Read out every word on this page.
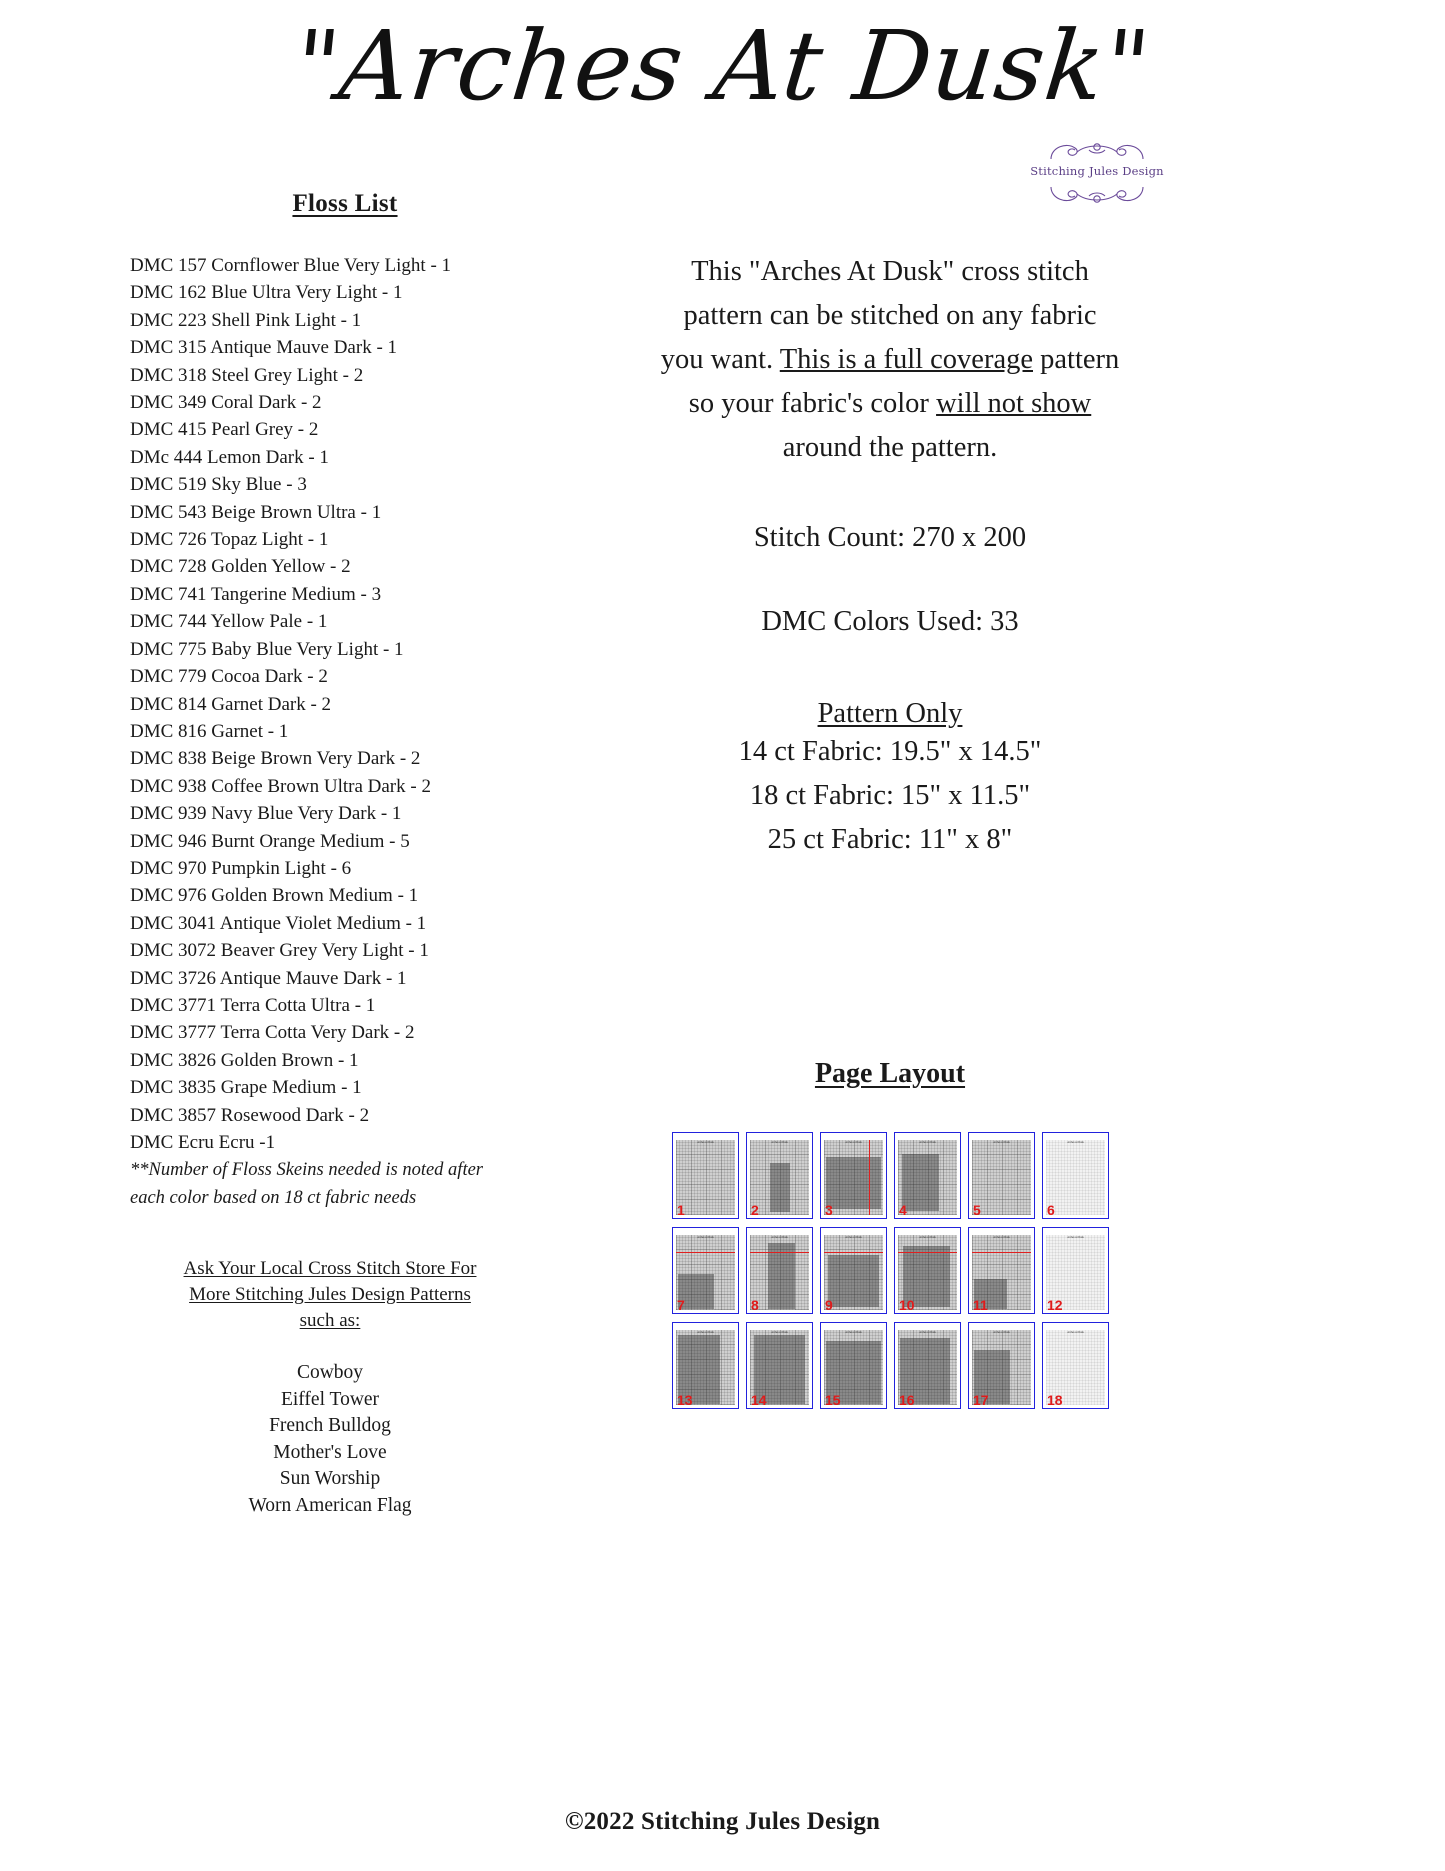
"Arches At Dusk"
Stitching Jules Design
Floss List
DMC 157 Cornflower Blue Very Light - 1
DMC 162 Blue Ultra Very Light - 1
DMC 223 Shell Pink Light - 1
DMC 315 Antique Mauve Dark - 1
DMC 318 Steel Grey Light - 2
DMC 349 Coral Dark - 2
DMC 415 Pearl Grey - 2
DMc 444 Lemon Dark - 1
DMC 519 Sky Blue - 3
DMC 543 Beige Brown Ultra - 1
DMC 726 Topaz Light - 1
DMC 728 Golden Yellow - 2
DMC 741 Tangerine Medium - 3
DMC 744 Yellow Pale - 1
DMC 775 Baby Blue Very Light - 1
DMC 779 Cocoa Dark - 2
DMC 814 Garnet Dark - 2
DMC 816 Garnet - 1
DMC 838 Beige Brown Very Dark - 2
DMC 938 Coffee Brown Ultra Dark - 2
DMC 939 Navy Blue Very Dark - 1
DMC 946 Burnt Orange Medium - 5
DMC 970 Pumpkin Light - 6
DMC 976 Golden Brown Medium - 1
DMC 3041 Antique Violet Medium - 1
DMC 3072 Beaver Grey Very Light - 1
DMC 3726 Antique Mauve Dark - 1
DMC 3771 Terra Cotta Ultra - 1
DMC 3777 Terra Cotta Very Dark - 2
DMC 3826 Golden Brown - 1
DMC 3835 Grape Medium - 1
DMC 3857 Rosewood Dark - 2
DMC Ecru Ecru -1
**Number of Floss Skeins needed is noted after each color based on 18 ct fabric needs
Ask Your Local Cross Stitch Store For
More Stitching Jules Design Patterns
such as:
Cowboy
Eiffel Tower
French Bulldog
Mother's Love
Sun Worship
Worn American Flag

This "Arches At Dusk" cross stitch pattern can be stitched on any fabric you want. This is a full coverage pattern so your fabric's color will not show around the pattern.

Stitch Count: 270 x 200
DMC Colors Used: 33
Pattern Only
14 ct Fabric: 19.5" x 14.5"
18 ct Fabric: 15" x 11.5"
25 ct Fabric: 11" x 8"
Page Layout
Arches At Dusk
1
Arches At Dusk
2
Arches At Dusk
3
Arches At Dusk
4
Arches At Dusk
5
Arches At Dusk
6
Arches At Dusk
7
Arches At Dusk
8
Arches At Dusk
9
Arches At Dusk
10
Arches At Dusk
11
Arches At Dusk
12
Arches At Dusk
13
Arches At Dusk
14
Arches At Dusk
15
Arches At Dusk
16
Arches At Dusk
17
Arches At Dusk
18
©2022 Stitching Jules Design
